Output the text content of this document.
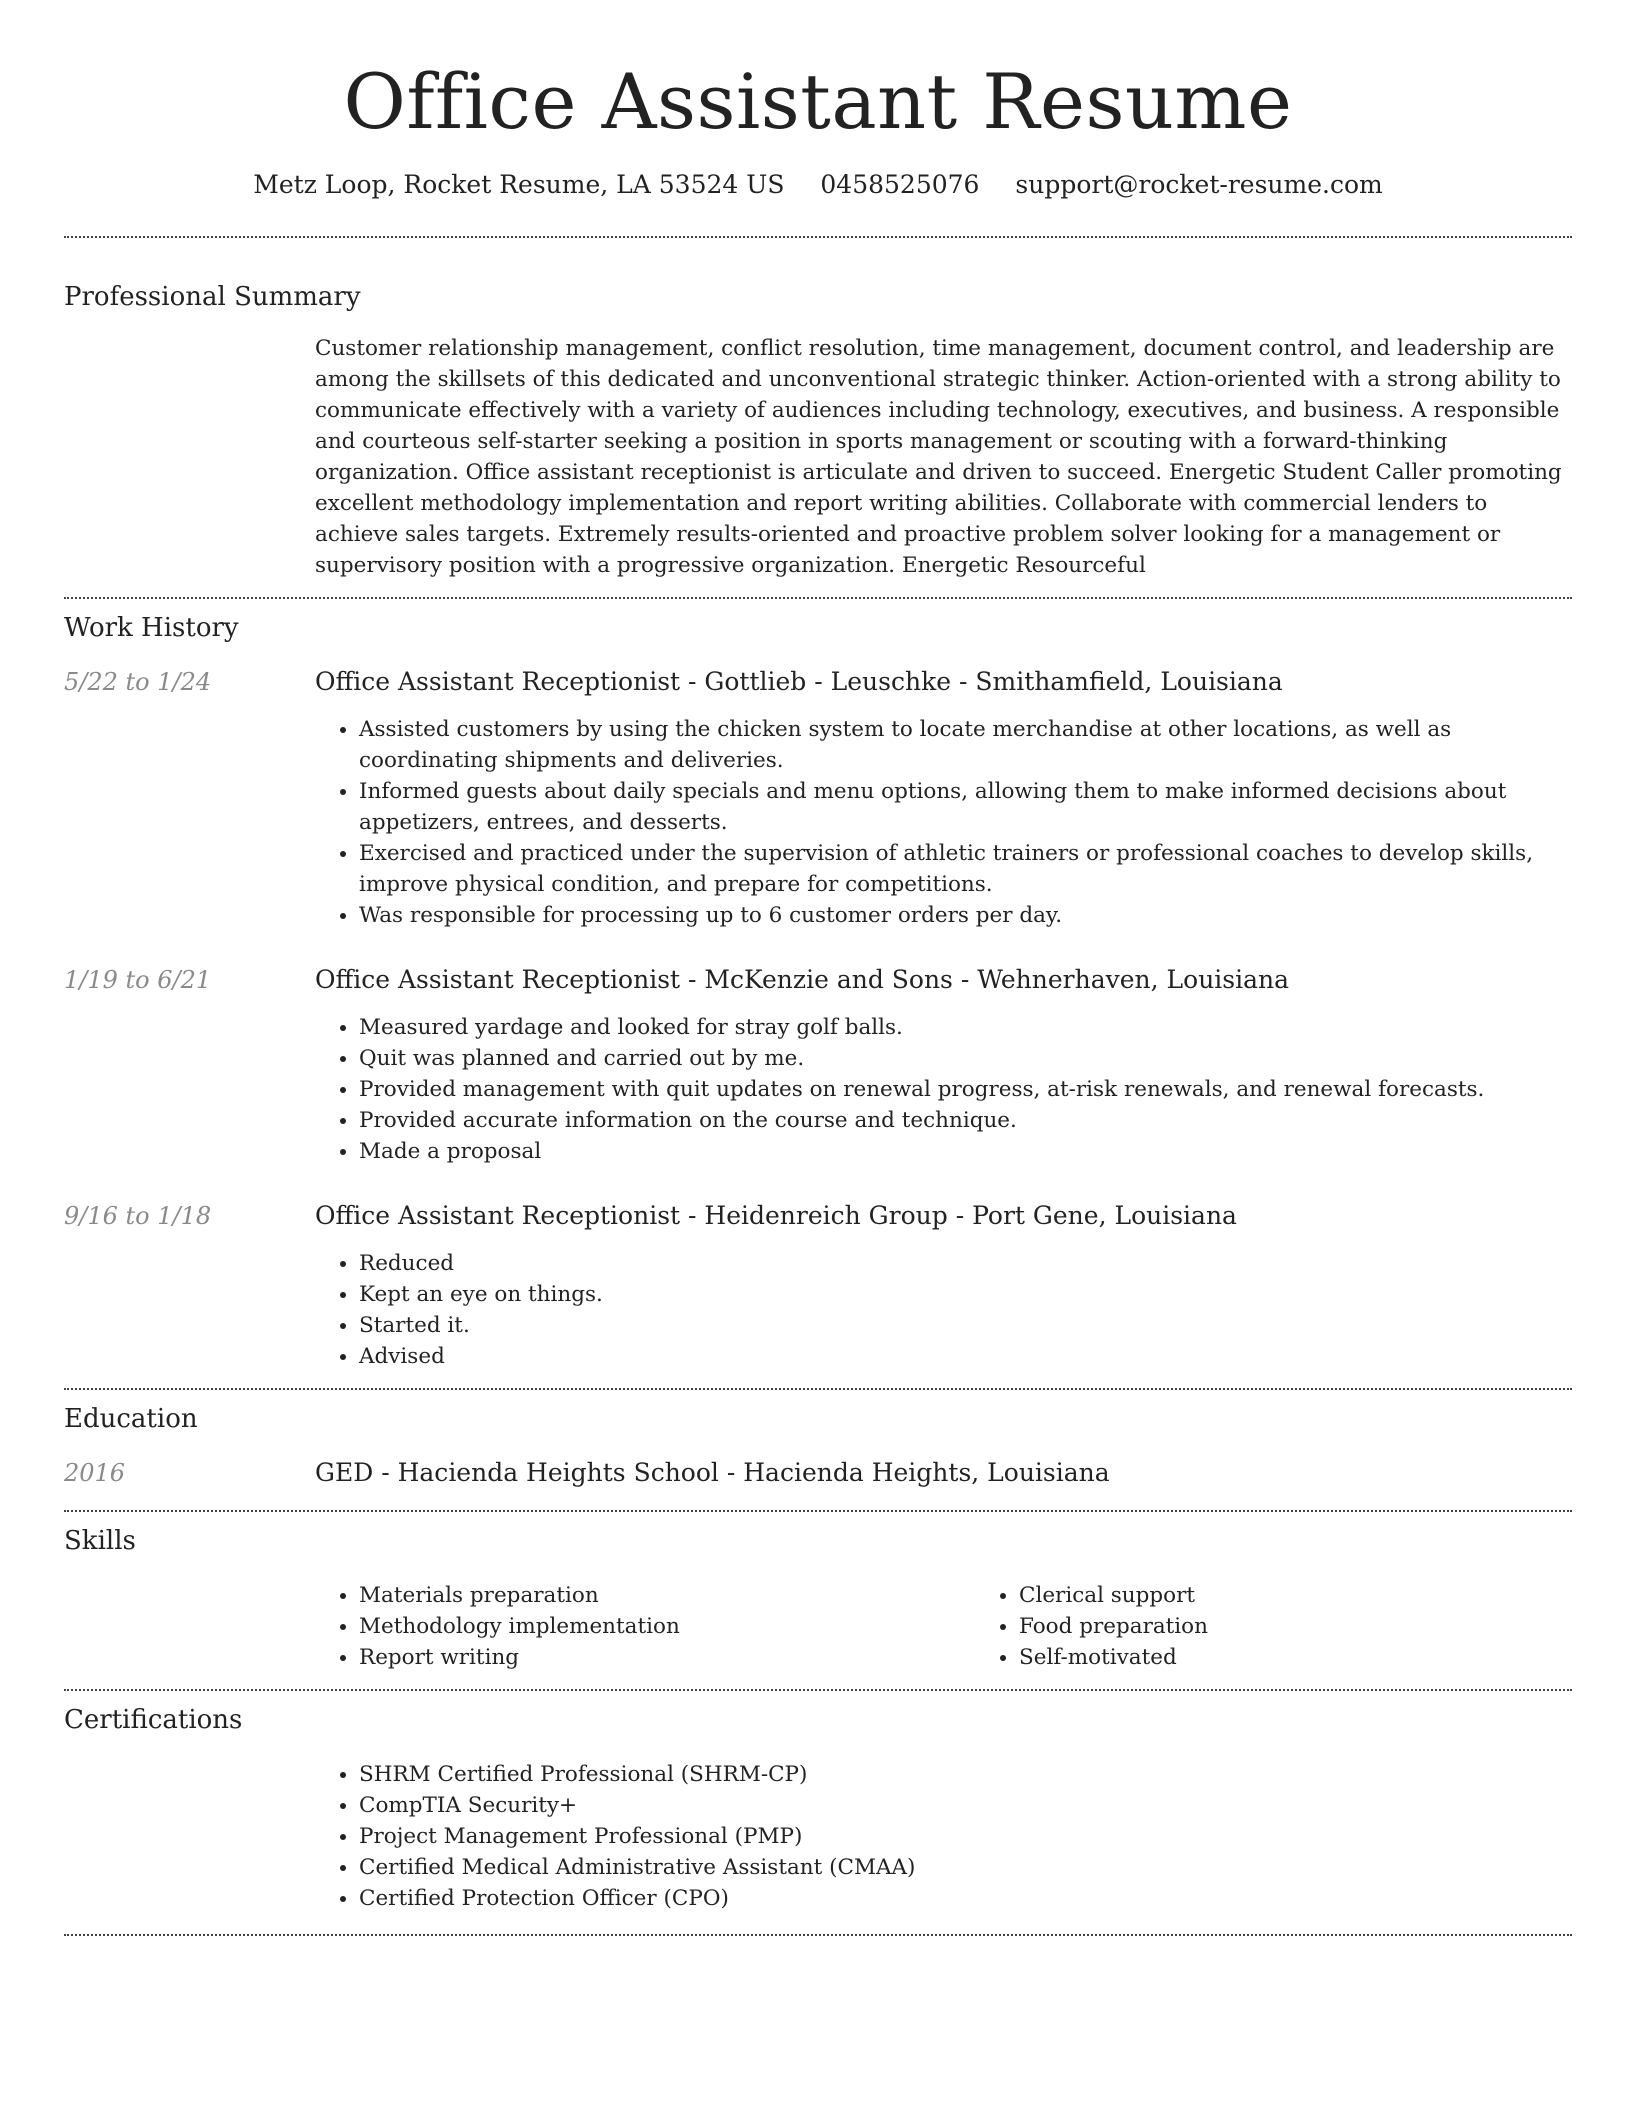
Office Assistant Resume
Metz Loop, Rocket Resume, LA 53524 US 0458525076 support@rocket-resume.com
Professional Summary

Customer relationship management, conflict resolution, time management, document control, and leadership are among the skillsets of this dedicated and unconventional strategic thinker. Action-oriented with a strong ability to communicate effectively with a variety of audiences including technology, executives, and business. A responsible and courteous self-starter seeking a position in sports management or scouting with a forward-thinking organization. Office assistant receptionist is articulate and driven to succeed. Energetic Student Caller promoting excellent methodology implementation and report writing abilities. Collaborate with commercial lenders to achieve sales targets. Extremely results-oriented and proactive problem solver looking for a management or supervisory position with a progressive organization. Energetic Resourceful

Work History
5/22 to 1/24	Office Assistant Receptionist - Gottlieb - Leuschke - Smithamfield, Louisiana
• Assisted customers by using the chicken system to locate merchandise at other locations, as well as coordinating shipments and deliveries.
• Informed guests about daily specials and menu options, allowing them to make informed decisions about appetizers, entrees, and desserts.
• Exercised and practiced under the supervision of athletic trainers or professional coaches to develop skills, improve physical condition, and prepare for competitions.
• Was responsible for processing up to 6 customer orders per day.
1/19 to 6/21	Office Assistant Receptionist - McKenzie and Sons - Wehnerhaven, Louisiana
• Measured yardage and looked for stray golf balls.
• Quit was planned and carried out by me.
• Provided management with quit updates on renewal progress, at-risk renewals, and renewal forecasts.
• Provided accurate information on the course and technique.
• Made a proposal
9/16 to 1/18	Office Assistant Receptionist - Heidenreich Group - Port Gene, Louisiana
• Reduced
• Kept an eye on things.
• Started it.
• Advised
Education
2016	GED - Hacienda Heights School - Hacienda Heights, Louisiana
Skills
• Materials preparation
• Methodology implementation
• Report writing
• Clerical support
• Food preparation
• Self-motivated
Certifications
• SHRM Certified Professional (SHRM-CP)
• CompTIA Security+
• Project Management Professional (PMP)
• Certified Medical Administrative Assistant (CMAA)
• Certified Protection Officer (CPO)
